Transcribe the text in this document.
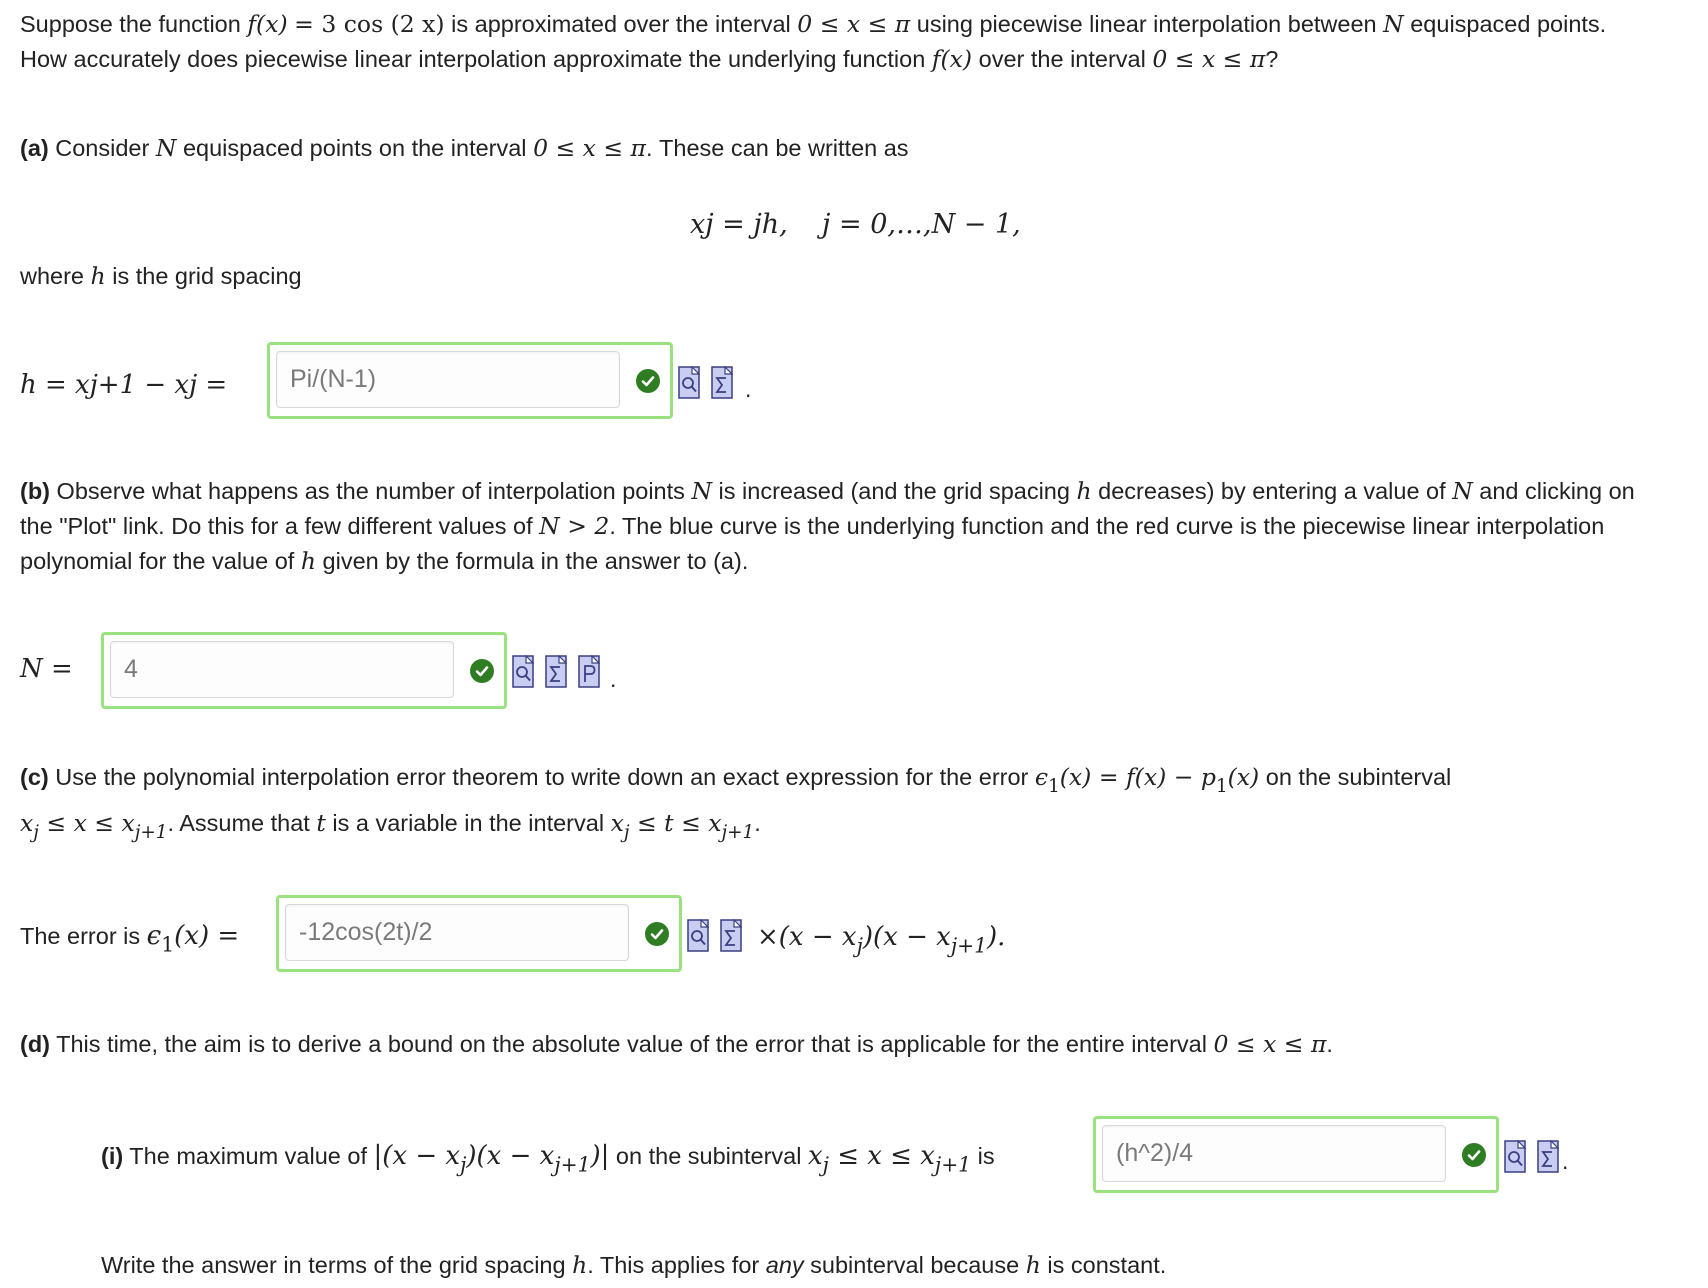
Suppose the function f(x) = 3 cos (2 x) is approximated over the interval 0 ≤ x ≤ π using piecewise linear interpolation between N equispaced points.
How accurately does piecewise linear interpolation approximate the underlying function f(x) over the interval 0 ≤ x ≤ π?
(a) Consider N equispaced points on the interval 0 ≤ x ≤ π. These can be written as
xj = jh,    j = 0,…,N − 1,
where h is the grid spacing
h = xj+1 − xj =
Pi/(N-1)	.
(b) Observe what happens as the number of interpolation points N is increased (and the grid spacing h decreases) by entering a value of N and clicking on
the "Plot" link. Do this for a few different values of N > 2. The blue curve is the underlying function and the red curve is the piecewise linear interpolation
polynomial for the value of h given by the formula in the answer to (a).
N =
4	.
(c) Use the polynomial interpolation error theorem to write down an exact expression for the error $\epsilon_1(x) = f(x) - p_1(x)$ on the subinterval
$x_j \le x \le x_{j+1}$. Assume that t is a variable in the interval $x_j \le t \le x_{j+1}$.
The error is $\epsilon_1(x)$ =
-12cos(2t)/2	$\times(x - x_j)(x - x_{j+1})$.
(d) This time, the aim is to derive a bound on the absolute value of the error that is applicable for the entire interval 0 ≤ x ≤ π.
(i) The maximum value of $|(x - x_j)(x - x_{j+1})|$ on the subinterval $x_j \le x \le x_{j+1}$ is
(h^2)/4	.
Write the answer in terms of the grid spacing h. This applies for any subinterval because h is constant.
